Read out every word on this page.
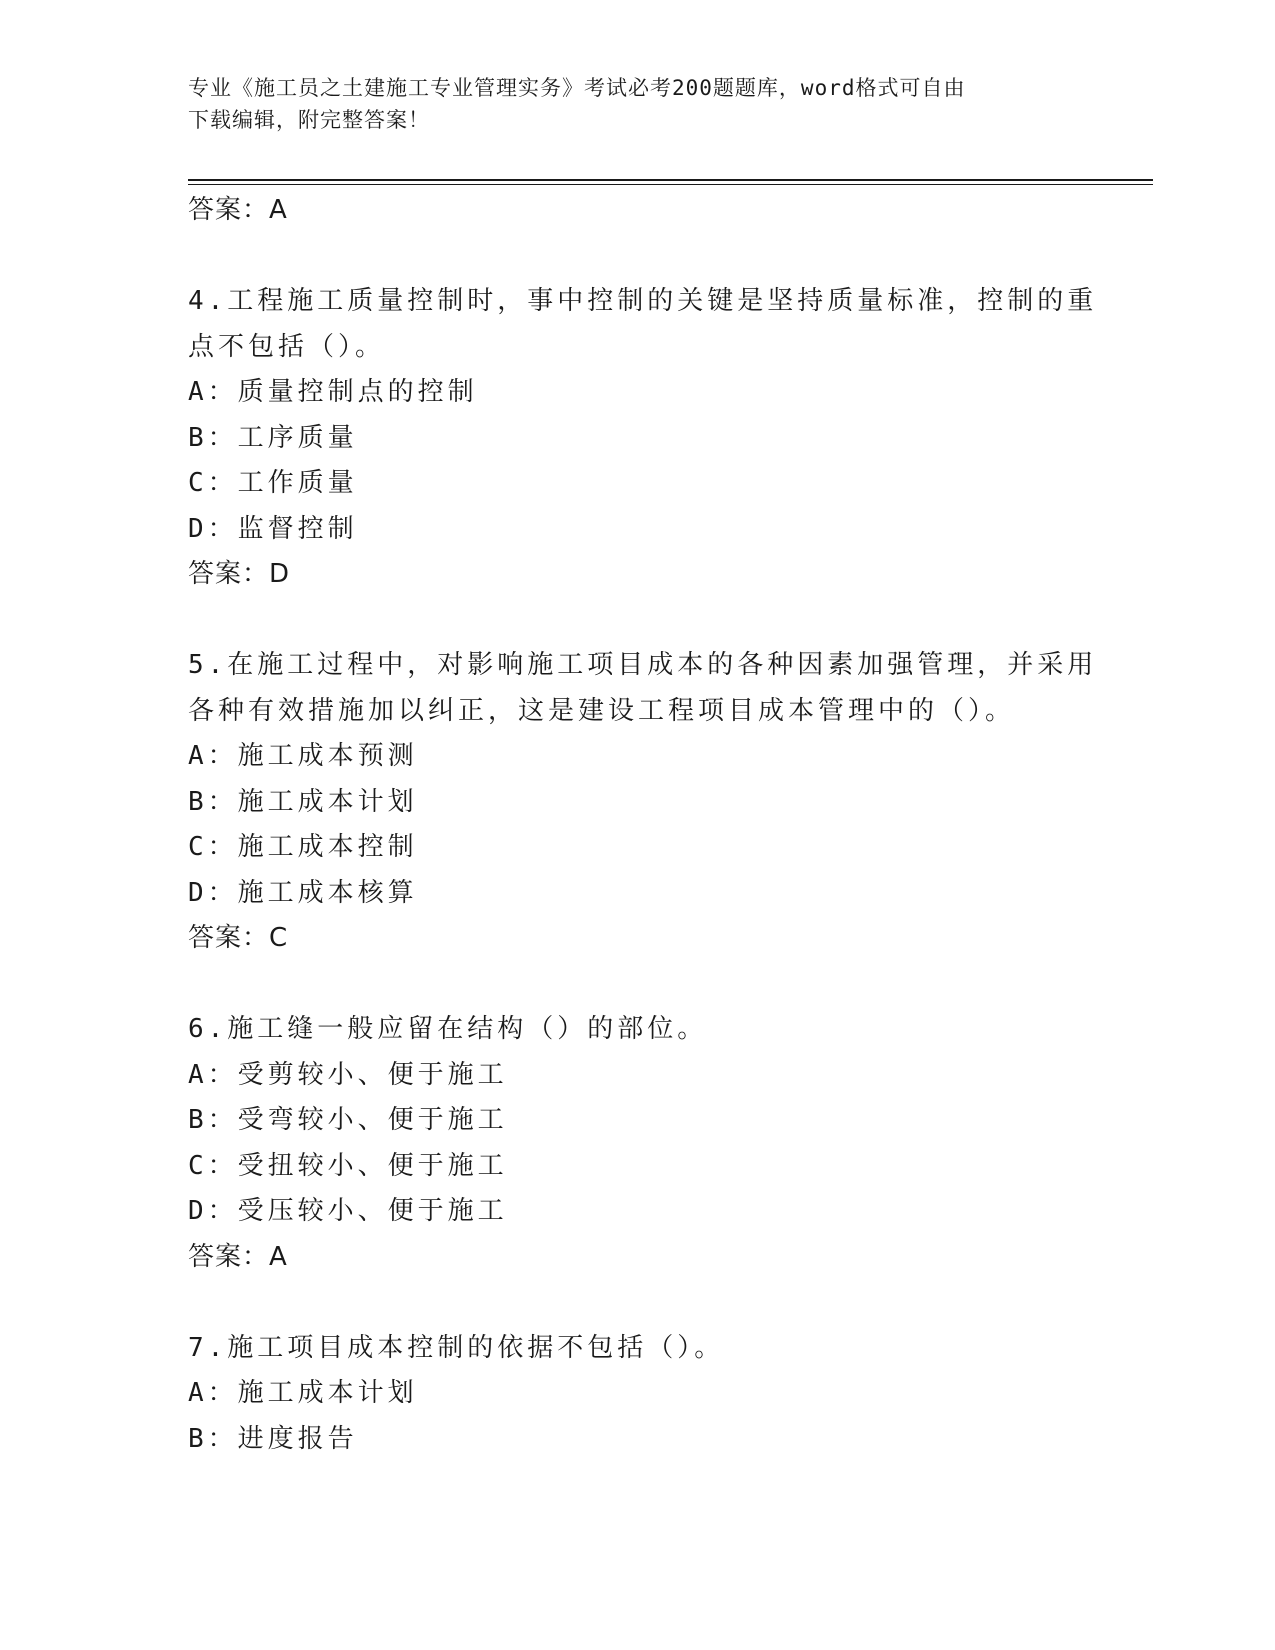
专业《施工员之土建施工专业管理实务》考试必考200题题库，word格式可自由
下载编辑，附完整答案！
答案：A
4.工程施工质量控制时，事中控制的关键是坚持质量标准，控制的重
点不包括（）。
A：质量控制点的控制
B：工序质量
C：工作质量
D：监督控制
答案：D
5.在施工过程中，对影响施工项目成本的各种因素加强管理，并采用
各种有效措施加以纠正，这是建设工程项目成本管理中的（）。
A：施工成本预测
B：施工成本计划
C：施工成本控制
D：施工成本核算
答案：C
6.施工缝一般应留在结构（）的部位。
A：受剪较小、便于施工
B：受弯较小、便于施工
C：受扭较小、便于施工
D：受压较小、便于施工
答案：A
7.施工项目成本控制的依据不包括（）。
A：施工成本计划
B：进度报告
